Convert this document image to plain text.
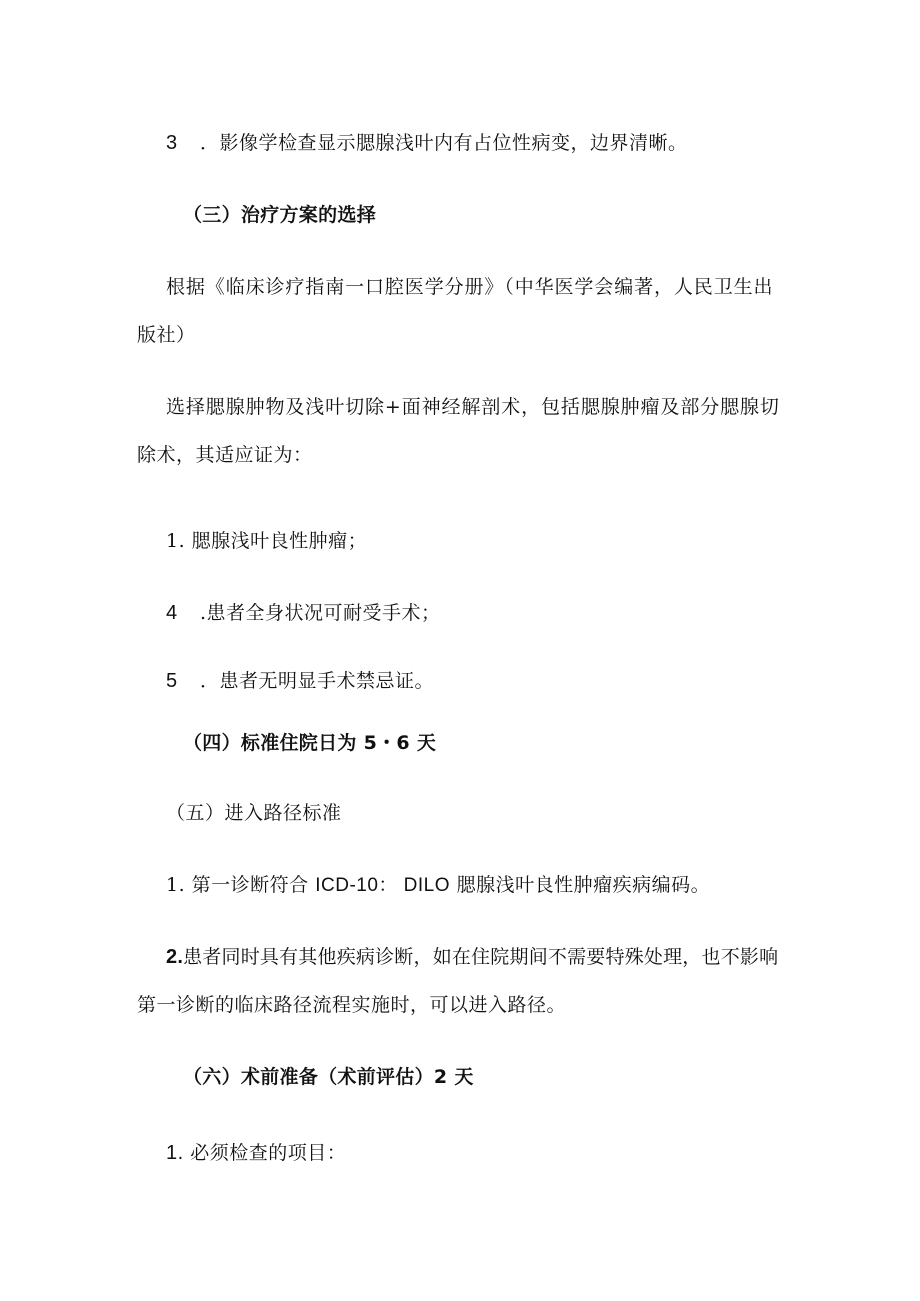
3 ．影像学检查显示腮腺浅叶内有占位性病变，边界清晰。
（三）治疗方案的选择
根据《临床诊疗指南一口腔医学分册》（中华医学会编著，人民卫生出
版社）
选择腮腺肿物及浅叶切除+面神经解剖术，包括腮腺肿瘤及部分腮腺切
除术，其适应证为：
1. 腮腺浅叶良性肿瘤；
4 .患者全身状况可耐受手术；
5 ．患者无明显手术禁忌证。
（四）标准住院日为 5・6 天
（五）进入路径标准
1. 第一诊断符合 ICD-10： DILO 腮腺浅叶良性肿瘤疾病编码。
2.患者同时具有其他疾病诊断，如在住院期间不需要特殊处理，也不影响
第一诊断的临床路径流程实施时，可以进入路径。
（六）术前准备（术前评估）2 天
1. 必须检查的项目：
